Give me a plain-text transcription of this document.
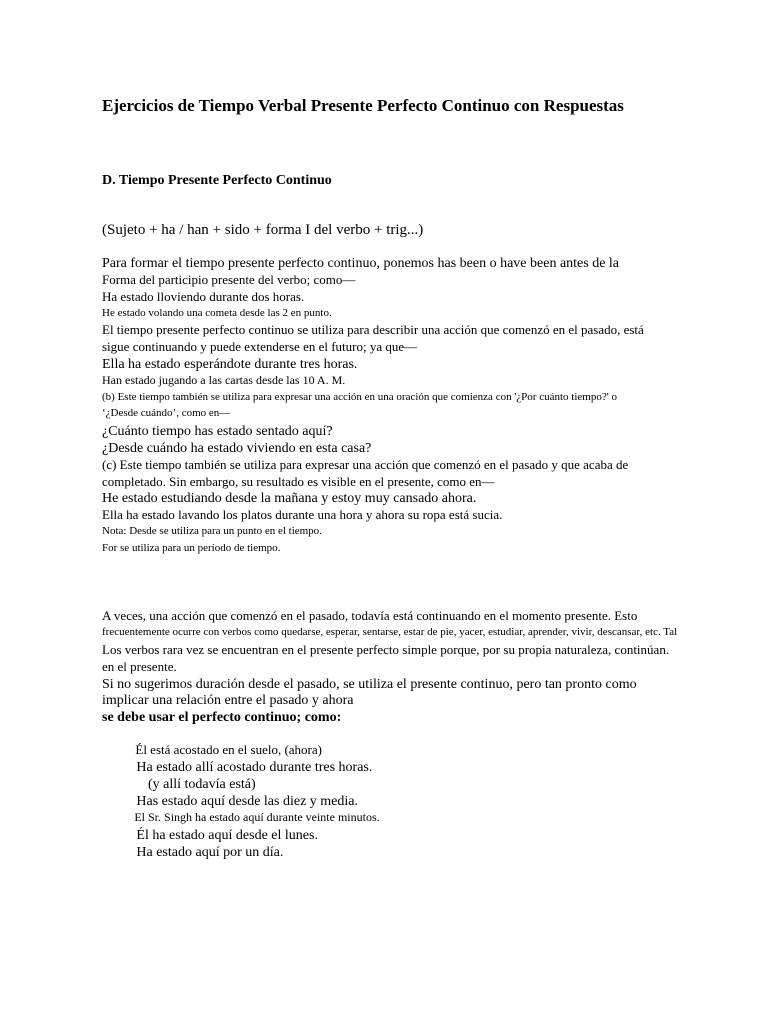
Ejercicios de Tiempo Verbal Presente Perfecto Continuo con Respuestas
D. Tiempo Presente Perfecto Continuo
(Sujeto + ha / han + sido + forma I del verbo + trig...)
Para formar el tiempo presente perfecto continuo, ponemos has been o have been antes de la
Forma del participio presente del verbo; como—
Ha estado lloviendo durante dos horas.
He estado volando una cometa desde las 2 en punto.
El tiempo presente perfecto continuo se utiliza para describir una acción que comenzó en el pasado, está
sigue continuando y puede extenderse en el futuro; ya que—
Ella ha estado esperándote durante tres horas.
Han estado jugando a las cartas desde las 10 A. M.
(b) Este tiempo también se utiliza para expresar una acción en una oración que comienza con '¿Por cuánto tiempo?' o
‘¿Desde cuándo’, como en—
¿Cuánto tiempo has estado sentado aquí?
¿Desde cuándo ha estado viviendo en esta casa?
(c) Este tiempo también se utiliza para expresar una acción que comenzó en el pasado y que acaba de
completado. Sin embargo, su resultado es visible en el presente, como en—
He estado estudiando desde la mañana y estoy muy cansado ahora.
Ella ha estado lavando los platos durante una hora y ahora su ropa está sucia.
Nota: Desde se utiliza para un punto en el tiempo.
For se utiliza para un período de tiempo.
A veces, una acción que comenzó en el pasado, todavía está continuando en el momento presente. Esto
frecuentemente ocurre con verbos como quedarse, esperar, sentarse, estar de pie, yacer, estudiar, aprender, vivir, descansar, etc. Tal
Los verbos rara vez se encuentran en el presente perfecto simple porque, por su propia naturaleza, continúan.
en el presente.
Si no sugerimos duración desde el pasado, se utiliza el presente continuo, pero tan pronto como
implicar una relación entre el pasado y ahora
se debe usar el perfecto continuo; como:
Él está acostado en el suelo, (ahora)
Ha estado allí acostado durante tres horas.
(y allí todavía está)
Has estado aquí desde las diez y media.
El Sr. Singh ha estado aquí durante veinte minutos.
Él ha estado aquí desde el lunes.
Ha estado aquí por un día.
